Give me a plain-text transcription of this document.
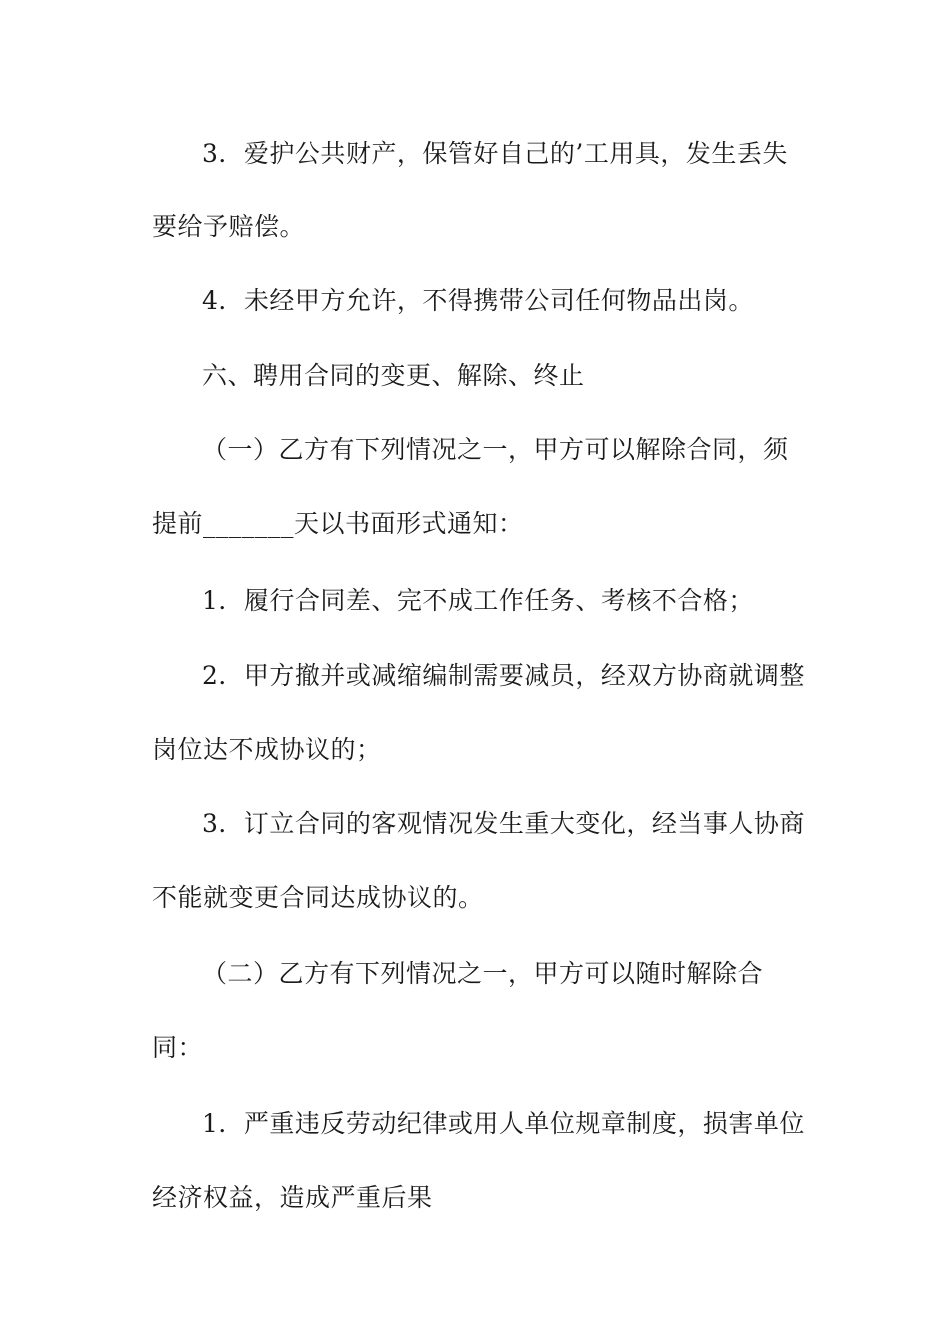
3．爱护公共财产，保管好自己的’工用具，发生丢失
要给予赔偿。
4．未经甲方允许，不得携带公司任何物品出岗。
六、聘用合同的变更、解除、终止
（一）乙方有下列情况之一，甲方可以解除合同，须
提前_______天以书面形式通知：
1．履行合同差、完不成工作任务、考核不合格；
2．甲方撤并或减缩编制需要减员，经双方协商就调整
岗位达不成协议的；
3．订立合同的客观情况发生重大变化，经当事人协商
不能就变更合同达成协议的。
（二）乙方有下列情况之一，甲方可以随时解除合
同：
1．严重违反劳动纪律或用人单位规章制度，损害单位
经济权益，造成严重后果
